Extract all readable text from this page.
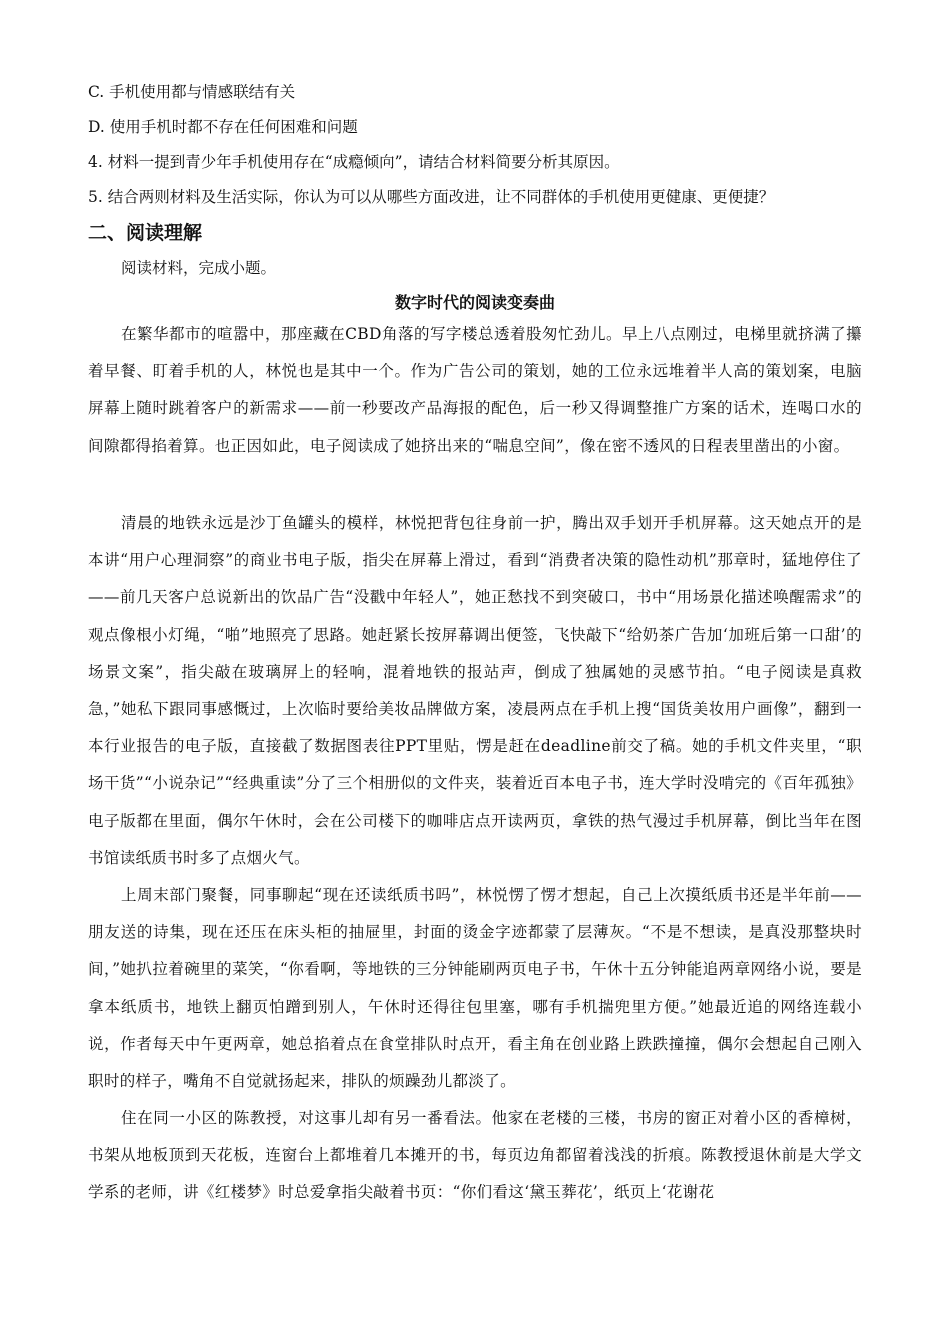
C. 手机使用都与情感联结有关
D. 使用手机时都不存在任何困难和问题
4. 材料一提到青少年手机使用存在“成瘾倾向”，请结合材料简要分析其原因。
5. 结合两则材料及生活实际，你认为可以从哪些方面改进，让不同群体的手机使用更健康、更便捷？
二、阅读理解
阅读材料，完成小题。
数字时代的阅读变奏曲

在繁华都市的喧嚣中，那座藏在CBD角落的写字楼总透着股匆忙劲儿。早上八点刚过，电梯里就挤满了攥着早餐、盯着手机的人，林悦也是其中一个。作为广告公司的策划，她的工位永远堆着半人高的策划案，电脑屏幕上随时跳着客户的新需求——前一秒要改产品海报的配色，后一秒又得调整推广方案的话术，连喝口水的间隙都得掐着算。也正因如此，电子阅读成了她挤出来的“喘息空间”，像在密不透风的日程表里凿出的小窗。

清晨的地铁永远是沙丁鱼罐头的模样，林悦把背包往身前一护，腾出双手划开手机屏幕。这天她点开的是本讲“用户心理洞察”的商业书电子版，指尖在屏幕上滑过，看到“消费者决策的隐性动机”那章时，猛地停住了——前几天客户总说新出的饮品广告“没戳中年轻人”，她正愁找不到突破口，书中“用场景化描述唤醒需求”的观点像根小灯绳，“啪”地照亮了思路。她赶紧长按屏幕调出便签，飞快敲下“给奶茶广告加‘加班后第一口甜’的场景文案”，指尖敲在玻璃屏上的轻响，混着地铁的报站声，倒成了独属她的灵感节拍。“电子阅读是真救急，”她私下跟同事感慨过，上次临时要给美妆品牌做方案，凌晨两点在手机上搜“国货美妆用户画像”，翻到一本行业报告的电子版，直接截了数据图表往PPT里贴，愣是赶在deadline前交了稿。她的手机文件夹里，“职场干货”“小说杂记”“经典重读”分了三个相册似的文件夹，装着近百本电子书，连大学时没啃完的《百年孤独》电子版都在里面，偶尔午休时，会在公司楼下的咖啡店点开读两页，拿铁的热气漫过手机屏幕，倒比当年在图书馆读纸质书时多了点烟火气。

上周末部门聚餐，同事聊起“现在还读纸质书吗”，林悦愣了愣才想起，自己上次摸纸质书还是半年前——朋友送的诗集，现在还压在床头柜的抽屉里，封面的烫金字迹都蒙了层薄灰。“不是不想读，是真没那整块时间，”她扒拉着碗里的菜笑，“你看啊，等地铁的三分钟能刷两页电子书，午休十五分钟能追两章网络小说，要是拿本纸质书，地铁上翻页怕蹭到别人，午休时还得往包里塞，哪有手机揣兜里方便。”她最近追的网络连载小说，作者每天中午更两章，她总掐着点在食堂排队时点开，看主角在创业路上跌跌撞撞，偶尔会想起自己刚入职时的样子，嘴角不自觉就扬起来，排队的烦躁劲儿都淡了。

住在同一小区的陈教授，对这事儿却有另一番看法。他家在老楼的三楼，书房的窗正对着小区的香樟树，书架从地板顶到天花板，连窗台上都堆着几本摊开的书，每页边角都留着浅浅的折痕。陈教授退休前是大学文学系的老师，讲《红楼梦》时总爱拿指尖敲着书页：“你们看这‘黛玉葬花’，纸页上‘花谢花
